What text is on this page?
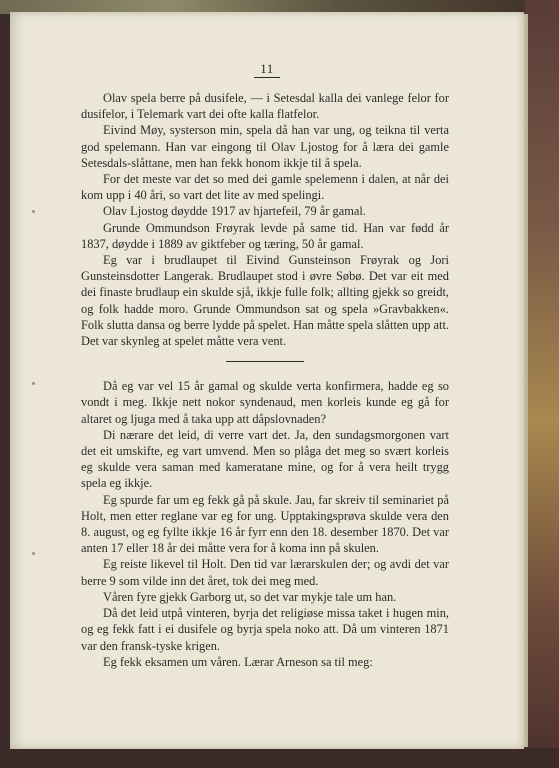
11

Olav spela berre på dusifele, — i Setesdal kalla dei vanlege felor for dusifelor, i Telemark vart dei ofte kalla flatfelor.

Eivind Møy, systerson min, spela då han var ung, og teikna til verta god spelemann. Han var eingong til Olav Ljostog for å læra dei gamle Setesdals-slåttane, men han fekk honom ikkje til å spela.

For det meste var det so med dei gamle spelemenn i dalen, at når dei kom upp i 40 åri, so vart det lite av med spelingi.

Olav Ljostog døydde 1917 av hjartefeil, 79 år gamal.

Grunde Ommundson Frøyrak levde på same tid. Han var fødd år 1837, døydde i 1889 av giktfeber og tæring, 50 år gamal.

Eg var i brudlaupet til Eivind Gunsteinson Frøyrak og Jori Gunsteinsdotter Langerak. Brudlaupet stod i øvre Søbø. Det var eit med dei finaste brudlaup ein skulde sjå, ikkje fulle folk; allting gjekk so greidt, og folk hadde moro. Grunde Ommundson sat og spela »Gravbakken«. Folk slutta dansa og berre lydde på spelet. Han måtte spela slåtten upp att. Det var skynleg at spelet måtte vera vent.

Då eg var vel 15 år gamal og skulde verta konfirmera, hadde eg so vondt i meg. Ikkje nett nokor syndenaud, men korleis kunde eg gå for altaret og ljuga med å taka upp att dåpslovnaden?

Di nærare det leid, di verre vart det. Ja, den sundagsmorgonen vart det eit umskifte, eg vart umvend. Men so plåga det meg so svært korleis eg skulde vera saman med kameratane mine, og for å vera heilt trygg spela eg ikkje.

Eg spurde far um eg fekk gå på skule. Jau, far skreiv til seminariet på Holt, men etter reglane var eg for ung. Upptakingsprøva skulde vera den 8. august, og eg fyllte ikkje 16 år fyrr enn den 18. desember 1870. Det var anten 17 eller 18 år dei måtte vera for å koma inn på skulen.

Eg reiste likevel til Holt. Den tid var lærarskulen der; og avdi det var berre 9 som vilde inn det året, tok dei meg med.

Våren fyre gjekk Garborg ut, so det var mykje tale um han.

Då det leid utpå vinteren, byrja det religiøse missa taket i hugen min, og eg fekk fatt i ei dusifele og byrja spela noko att. Då um vinteren 1871 var den fransk-tyske krigen.

Eg fekk eksamen um våren. Lærar Arneson sa til meg:
